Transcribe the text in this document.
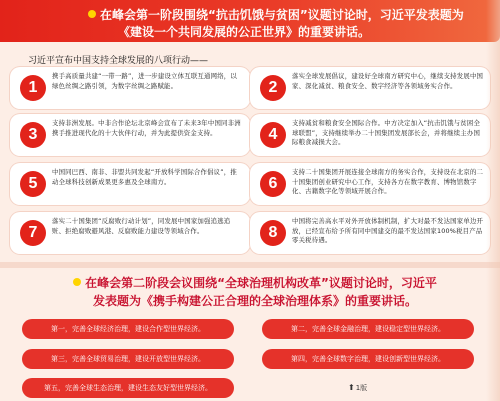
在峰会第一阶段围绕“抗击饥饿与贫困”议题讨论时，习近平发表题为
《建设一个共同发展的公正世界》的重要讲话。
习近平宣布中国支持全球发展的八项行动——
1
携手高质量共建“一带一路”，进一步建设立体互联互通网络，以绿色丝绸之路引领，为数字丝绸之路赋能。
落实全球发展倡议，建设好全球南方研究中心，继续支持发展中国家、深化减贫、粮食安全、数字经济等各领域务实合作。
2
3
支持非洲发展。中非合作论坛北京峰会宣布了未来3年中国同非洲携手推进现代化的十大伙伴行动，并为此提供资金支持。
支持减贫和粮食安全国际合作。中方决定加入“抗击饥饿与贫困全球联盟”，支持继续举办二十国集团发展部长会，并将继续主办国际粮食减损大会。
4
5
中国同巴西、南非、非盟共同发起“开放科学国际合作倡议”，推动全球科技创新成果更多惠及全球南方。
支持二十国集团开展连接全球南方的务实合作，支持设在北京的二十国集团创业研究中心工作，支持各方在数字教育、博物馆数字化、古籍数字化等领域开展合作。
6
7
落实二十国集团“反腐败行动计划”，同发展中国家加强追逃追赃、拒绝腐败避风港、反腐败能力建设等领域合作。
中国将完善高水平对外开放体制机制，扩大对最不发达国家单边开放，已经宣布给予所有同中国建交的最不发达国家100%税目产品零关税待遇。
8
在峰会第二阶段会议围绕“全球治理机构改革”议题讨论时，习近平
发表题为《携手构建公正合理的全球治理体系》的重要讲话。
第一，完善全球经济治理，建设合作型世界经济。	第二，完善全球金融治理，建设稳定型世界经济。
第三，完善全球贸易治理，建设开放型世界经济。	第四，完善全球数字治理，建设创新型世界经济。
第五，完善全球生态治理，建设生态友好型世界经济。	⬆1版
